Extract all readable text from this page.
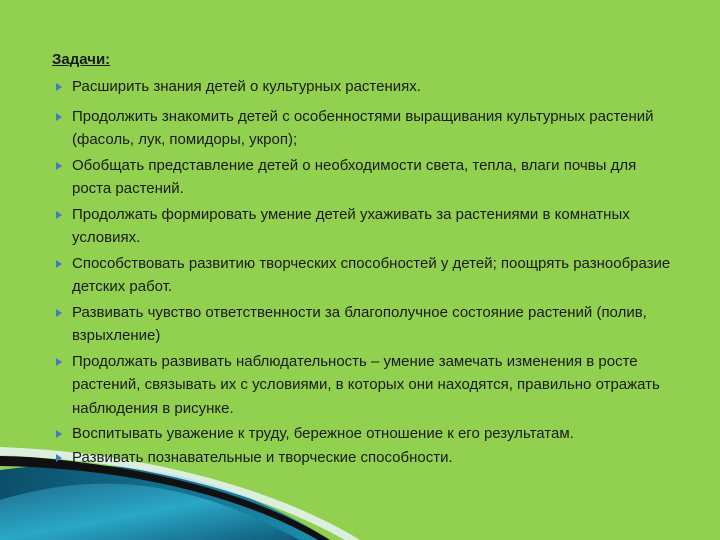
Задачи:

Расширить знания детей о культурных растениях.
Продолжить знакомить детей с особенностями выращивания культурных растений (фасоль, лук, помидоры, укроп);
Обобщать представление детей о необходимости света, тепла, влаги почвы для роста растений.
Продолжать формировать умение детей ухаживать за растениями в комнатных условиях.
Способствовать развитию творческих способностей у детей; поощрять разнообразие детских работ.
Развивать чувство ответственности за благополучное состояние растений (полив, взрыхление)
Продолжать развивать наблюдательность – умение замечать изменения в росте растений, связывать их с условиями, в которых они находятся, правильно отражать наблюдения в рисунке.
Воспитывать уважение к труду, бережное отношение к его результатам.
Развивать познавательные и творческие способности.
